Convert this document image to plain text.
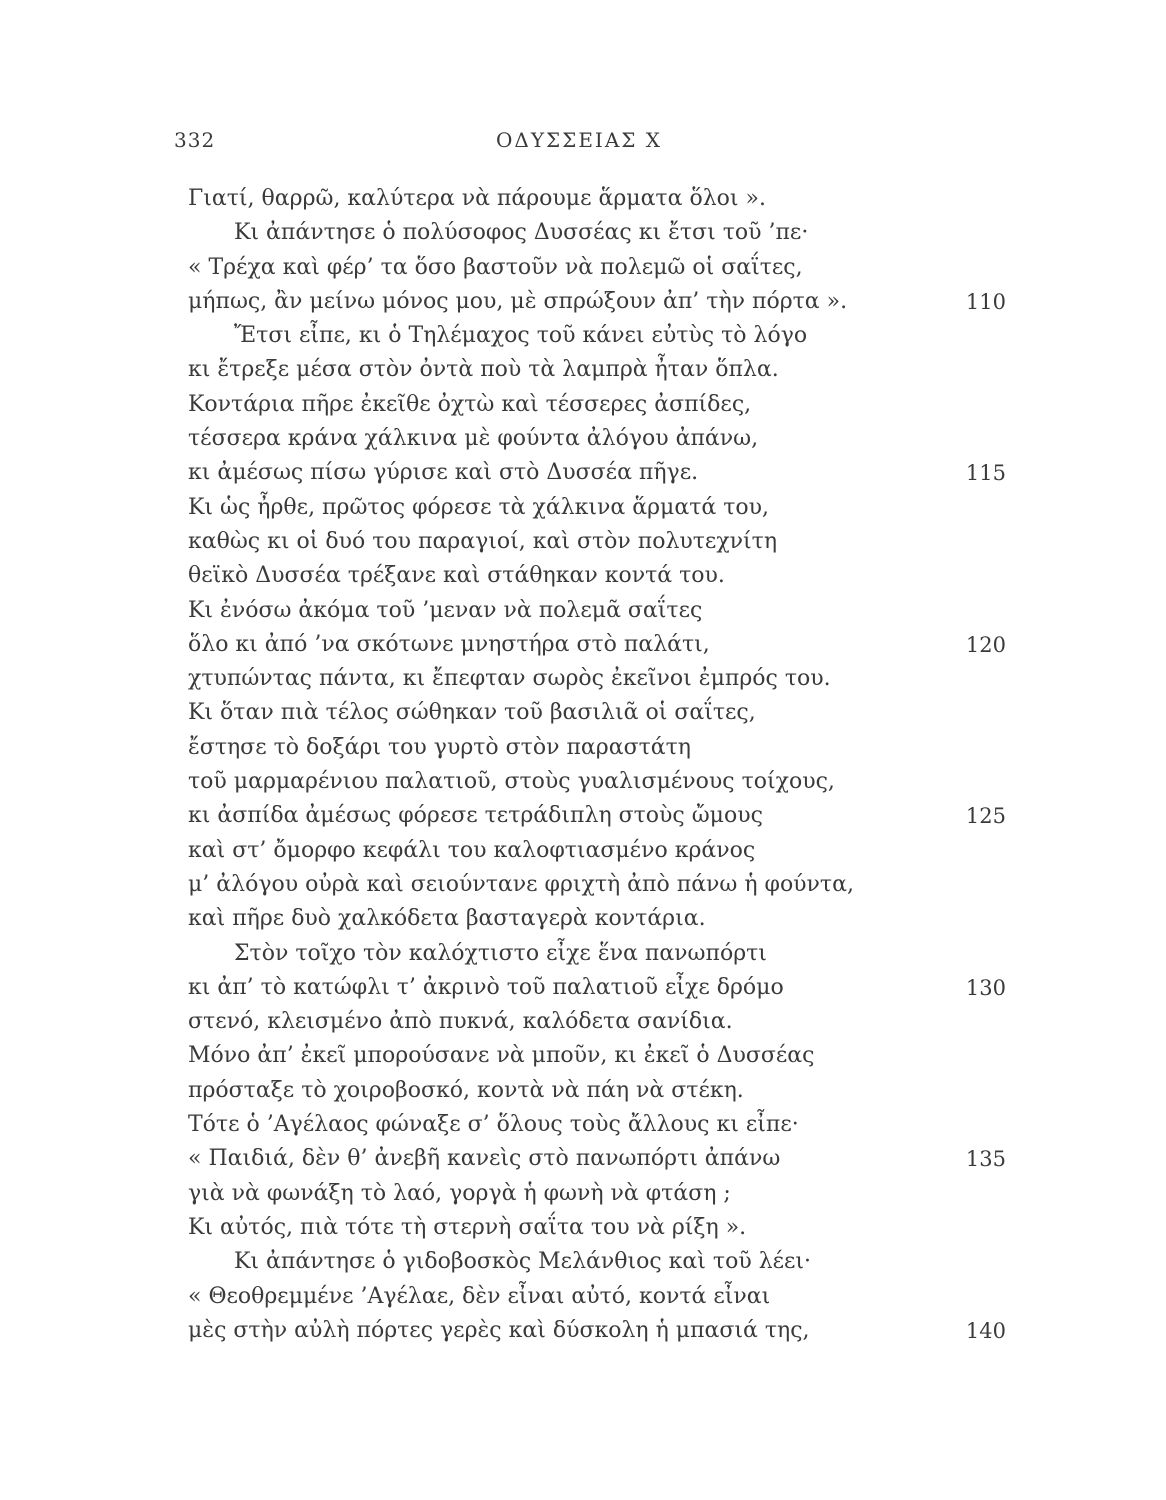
332	ΟΔΥΣΣΕΙΑΣ Χ
Γιατί, θαρρῶ, καλύτερα νὰ πάρουμε ἅρματα ὅλοι ».
Κι ἀπάντησε ὁ πολύσοφος Δυσσέας κι ἔτσι τοῦ ’πε·
« Τρέχα καὶ φέρ’ τα ὅσο βαστοῦν νὰ πολεμῶ οἱ σαΐτες,
μήπως, ἂν μείνω μόνος μου, μὲ σπρώξουν ἀπ’ τὴν πόρτα ».	110
Ἔτσι εἶπε, κι ὁ Τηλέμαχος τοῦ κάνει εὐτὺς τὸ λόγο
κι ἔτρεξε μέσα στὸν ὀντὰ ποὺ τὰ λαμπρὰ ἦταν ὅπλα.
Κοντάρια πῆρε ἐκεῖθε ὀχτὼ καὶ τέσσερες ἀσπίδες,
τέσσερα κράνα χάλκινα μὲ φούντα ἀλόγου ἀπάνω,
κι ἀμέσως πίσω γύρισε καὶ στὸ Δυσσέα πῆγε.	115
Κι ὡς ἦρθε, πρῶτος φόρεσε τὰ χάλκινα ἅρματά του,
καθὼς κι οἱ δυό του παραγιοί, καὶ στὸν πολυτεχνίτη
θεϊκὸ Δυσσέα τρέξανε καὶ στάθηκαν κοντά του.
Κι ἐνόσω ἀκόμα τοῦ ’μεναν νὰ πολεμᾶ σαΐτες
ὅλο κι ἀπό ’να σκότωνε μνηστήρα στὸ παλάτι,	120
χτυπώντας πάντα, κι ἔπεφταν σωρὸς ἐκεῖνοι ἐμπρός του.
Κι ὅταν πιὰ τέλος σώθηκαν τοῦ βασιλιᾶ οἱ σαΐτες,
ἔστησε τὸ δοξάρι του γυρτὸ στὸν παραστάτη
τοῦ μαρμαρένιου παλατιοῦ, στοὺς γυαλισμένους τοίχους,
κι ἀσπίδα ἀμέσως φόρεσε τετράδιπλη στοὺς ὤμους	125
καὶ στ’ ὄμορφο κεφάλι του καλοφτιασμένο κράνος
μ’ ἀλόγου οὐρὰ καὶ σειούντανε φριχτὴ ἀπὸ πάνω ἡ φούντα,
καὶ πῆρε δυὸ χαλκόδετα βασταγερὰ κοντάρια.
Στὸν τοῖχο τὸν καλόχτιστο εἶχε ἕνα πανωπόρτι
κι ἀπ’ τὸ κατώφλι τ’ ἀκρινὸ τοῦ παλατιοῦ εἶχε δρόμο	130
στενό, κλεισμένο ἀπὸ πυκνά, καλόδετα σανίδια.
Μόνο ἀπ’ ἐκεῖ μπορούσανε νὰ μποῦν, κι ἐκεῖ ὁ Δυσσέας
πρόσταξε τὸ χοιροβοσκό, κοντὰ νὰ πάη νὰ στέκη.
Τότε ὁ ’Αγέλαος φώναξε σ’ ὅλους τοὺς ἄλλους κι εἶπε·
« Παιδιά, δὲν θ’ ἀνεβῆ κανεὶς στὸ πανωπόρτι ἀπάνω	135
γιὰ νὰ φωνάξη τὸ λαό, γοργὰ ἡ φωνὴ νὰ φτάση ;
Κι αὐτός, πιὰ τότε τὴ στερνὴ σαΐτα του νὰ ρίξη ».
Κι ἀπάντησε ὁ γιδοβοσκὸς Μελάνθιος καὶ τοῦ λέει·
« Θεοθρεμμένε ’Αγέλαε, δὲν εἶναι αὐτό, κοντά εἶναι
μὲς στὴν αὐλὴ πόρτες γερὲς καὶ δύσκολη ἡ μπασιά της,	140
